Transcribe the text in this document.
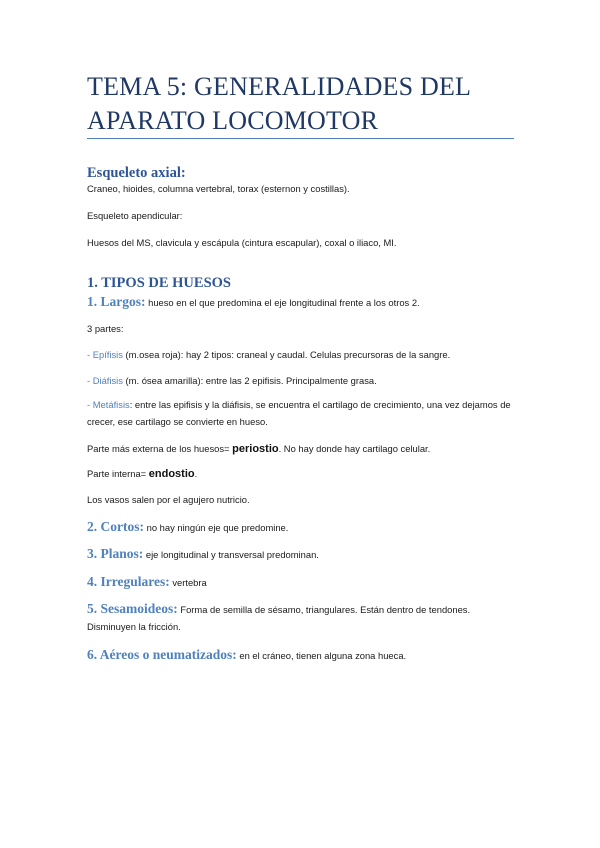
TEMA 5: GENERALIDADES DEL
APARATO LOCOMOTOR
Esqueleto axial:

Craneo, hioides, columna vertebral, torax (esternon y costillas).

Esqueleto apendicular:

Huesos del MS, clavicula y escápula (cintura escapular), coxal o iliaco, MI.

1. TIPOS DE HUESOS

1. Largos: hueso en el que predomina el eje longitudinal frente a los otros 2.

3 partes:

- Epífisis (m.osea roja): hay 2 tipos: craneal y caudal. Celulas precursoras de la sangre.

- Diáfisis (m. ósea amarilla): entre las 2 epifisis. Principalmente grasa.

- Metáfisis: entre las epifisis y la diáfisis, se encuentra el cartilago de crecimiento, una vez dejamos de crecer, ese cartilago se convierte en hueso.

Parte más externa de los huesos= periostio. No hay donde hay cartilago celular.

Parte interna= endostio.

Los vasos salen por el agujero nutricio.

2. Cortos: no hay ningún eje que predomine.

3. Planos: eje longitudinal y transversal predominan.

4. Irregulares: vertebra

5. Sesamoideos: Forma de semilla de sésamo, triangulares. Están dentro de tendones. Disminuyen la fricción.

6. Aéreos o neumatizados: en el cráneo, tienen alguna zona hueca.
